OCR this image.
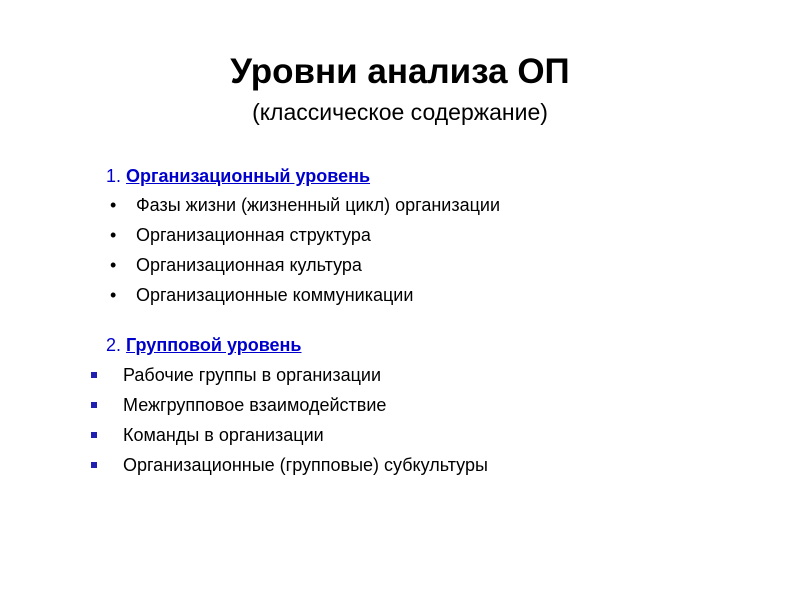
Уровни анализа ОП
(классическое содержание)
1. Организационный уровень
• Фазы жизни (жизненный цикл) организации
• Организационная структура
• Организационная культура
• Организационные коммуникации
2. Групповой уровень
Рабочие группы в организации
Межгрупповое взаимодействие
Команды в организации
Организационные (групповые) субкультуры
